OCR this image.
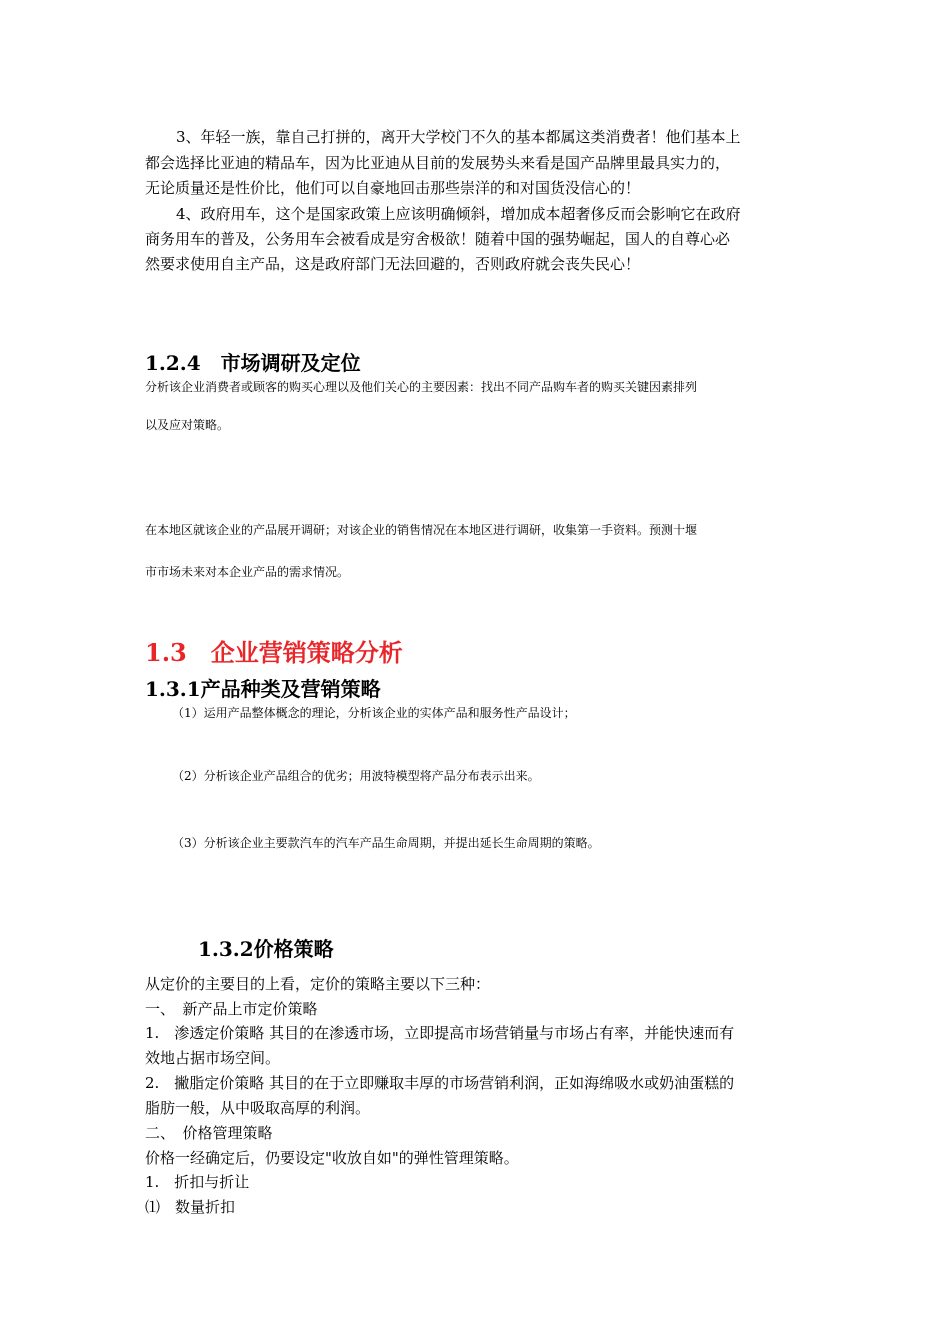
3、年轻一族，靠自己打拼的，离开大学校门不久的基本都属这类消费者！他们基本上
都会选择比亚迪的精品车，因为比亚迪从目前的发展势头来看是国产品牌里最具实力的，
无论质量还是性价比，他们可以自豪地回击那些崇洋的和对国货没信心的！
4、政府用车，这个是国家政策上应该明确倾斜，增加成本超奢侈反而会影响它在政府
商务用车的普及，公务用车会被看成是穷舍极欲！随着中国的强势崛起，国人的自尊心必
然要求使用自主产品，这是政府部门无法回避的，否则政府就会丧失民心！
1.2.4　市场调研及定位
分析该企业消费者或顾客的购买心理以及他们关心的主要因素：找出不同产品购车者的购买关键因素排列
以及应对策略。
在本地区就该企业的产品展开调研；对该企业的销售情况在本地区进行调研，收集第一手资料。预测十堰
市市场未来对本企业产品的需求情况。
1.3　企业营销策略分析
1.3.1产品种类及营销策略
（1）运用产品整体概念的理论，分析该企业的实体产品和服务性产品设计；
（2）分析该企业产品组合的优劣；用波特模型将产品分布表示出来。
（3）分析该企业主要款汽车的汽车产品生命周期，并提出延长生命周期的策略。
1.3.2价格策略
从定价的主要目的上看，定价的策略主要以下三种：
一、　新产品上市定价策略
1.　渗透定价策略 其目的在渗透市场，立即提高市场营销量与市场占有率，并能快速而有
效地占据市场空间。
2.　撇脂定价策略 其目的在于立即赚取丰厚的市场营销利润，正如海绵吸水或奶油蛋糕的
脂肪一般，从中吸取高厚的利润。
二、　价格管理策略
价格一经确定后，仍要设定"收放自如"的弹性管理策略。
1.　折扣与折让
⑴　数量折扣
